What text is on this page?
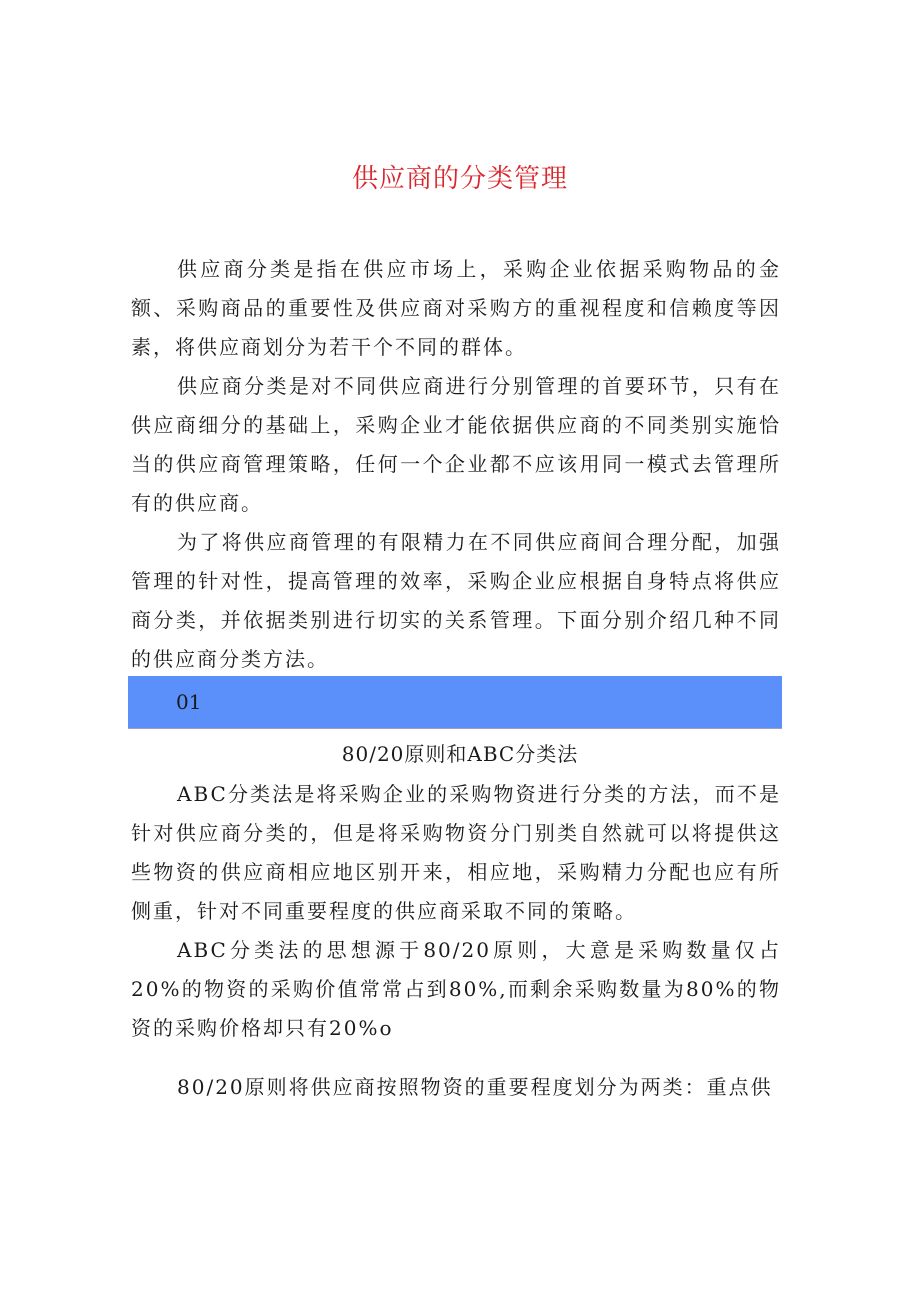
供应商的分类管理

供应商分类是指在供应市场上，采购企业依据采购物品的金额、采购商品的重要性及供应商对采购方的重视程度和信赖度等因素，将供应商划分为若干个不同的群体。

供应商分类是对不同供应商进行分别管理的首要环节，只有在供应商细分的基础上，采购企业才能依据供应商的不同类别实施恰当的供应商管理策略，任何一个企业都不应该用同一模式去管理所有的供应商。

为了将供应商管理的有限精力在不同供应商间合理分配，加强管理的针对性，提高管理的效率，采购企业应根据自身特点将供应商分类，并依据类别进行切实的关系管理。下面分别介绍几种不同的供应商分类方法。

01
80/20原则和ABC分类法

ABC分类法是将采购企业的采购物资进行分类的方法，而不是针对供应商分类的，但是将采购物资分门别类自然就可以将提供这些物资的供应商相应地区别开来，相应地，采购精力分配也应有所侧重，针对不同重要程度的供应商采取不同的策略。

ABC分类法的思想源于80/20原则，大意是采购数量仅占20%的物资的采购价值常常占到80%,而剩余采购数量为80%的物资的采购价格却只有20%o

80/20原则将供应商按照物资的重要程度划分为两类：重点供
